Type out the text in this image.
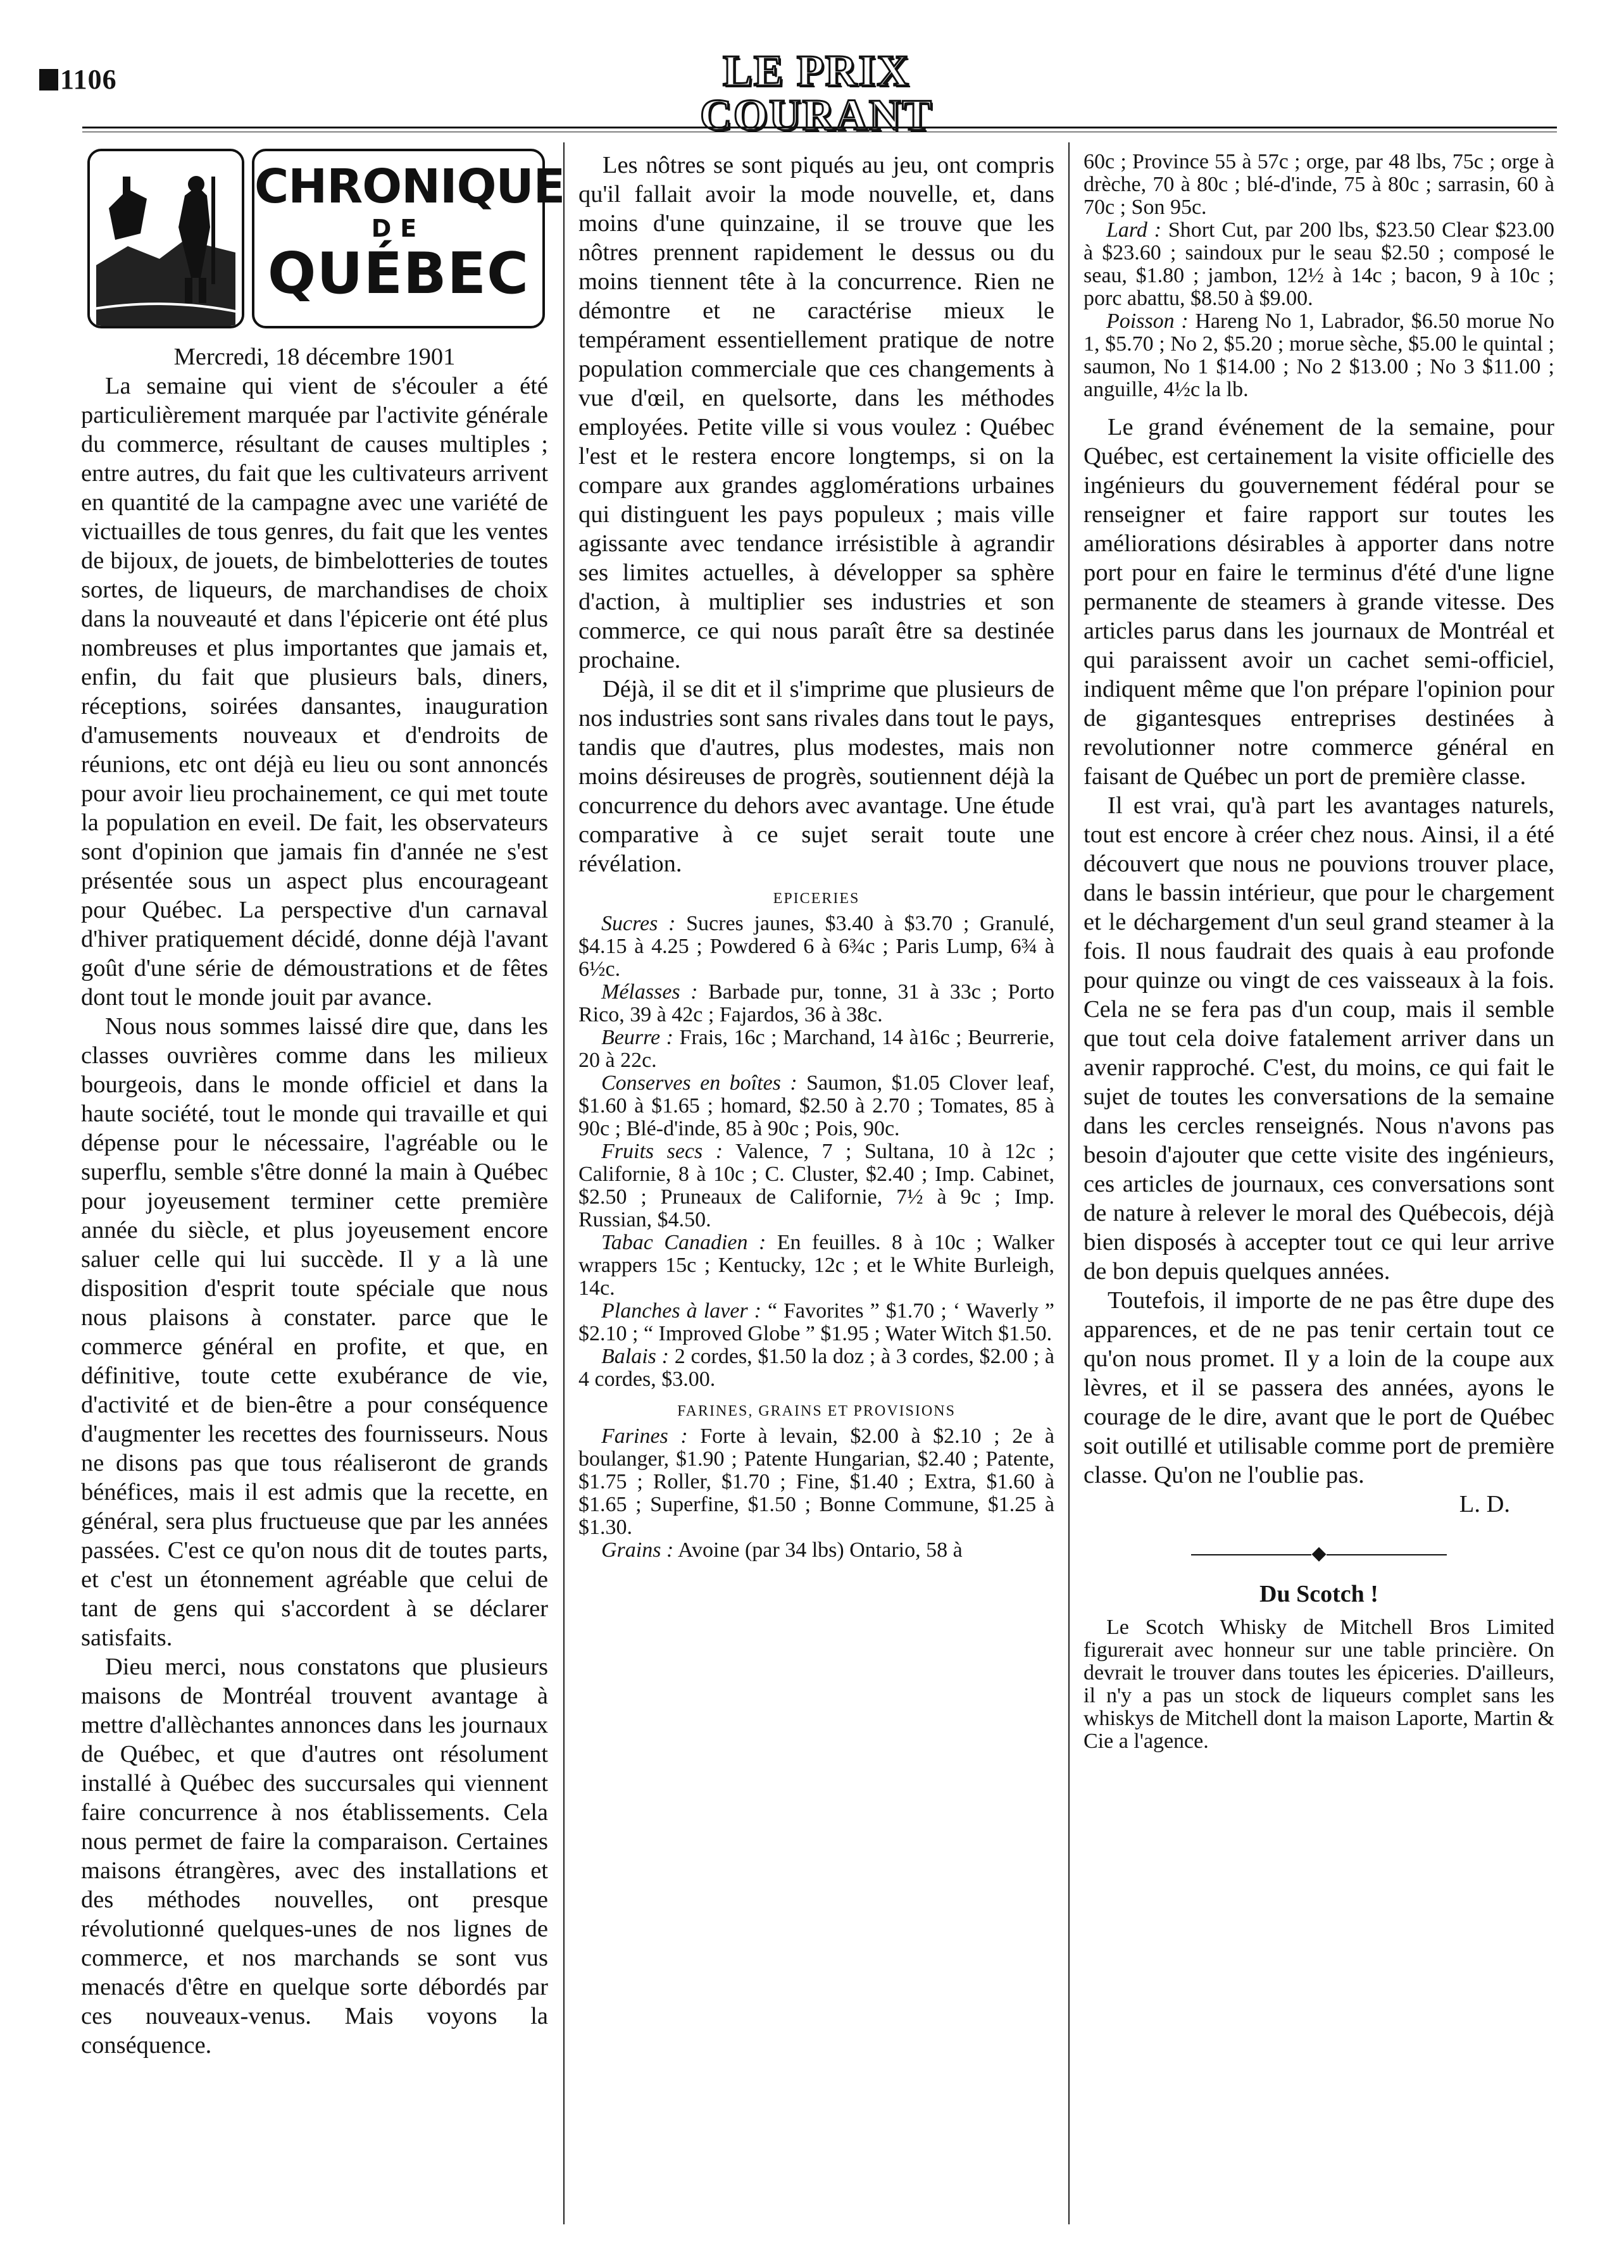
1106	LE PRIX COURANT
CHRONIQUE
DE
QUÉBEC

Mercredi, 18 décembre 1901

La semaine qui vient de s'écouler a été particulièrement marquée par l'activite générale du commerce, résultant de causes multiples ; entre autres, du fait que les cultivateurs arrivent en quantité de la campagne avec une variété de victuailles de tous genres, du fait que les ventes de bijoux, de jouets, de bimbelotteries de toutes sortes, de liqueurs, de marchandises de choix dans la nouveauté et dans l'épicerie ont été plus nombreuses et plus importantes que jamais et, enfin, du fait que plusieurs bals, diners, réceptions, soirées dansantes, inauguration d'amusements nouveaux et d'endroits de réunions, etc ont déjà eu lieu ou sont annoncés pour avoir lieu prochainement, ce qui met toute la population en eveil. De fait, les observateurs sont d'opinion que jamais fin d'année ne s'est présentée sous un aspect plus encourageant pour Québec. La perspective d'un carnaval d'hiver pratiquement décidé, donne déjà l'avant goût d'une série de démoustrations et de fêtes dont tout le monde jouit par avance.

Nous nous sommes laissé dire que, dans les classes ouvrières comme dans les milieux bourgeois, dans le monde officiel et dans la haute société, tout le monde qui travaille et qui dépense pour le nécessaire, l'agréable ou le superflu, semble s'être donné la main à Québec pour joyeusement terminer cette première année du siècle, et plus joyeusement encore saluer celle qui lui succède. Il y a là une disposition d'esprit toute spéciale que nous nous plaisons à constater. parce que le commerce général en profite, et que, en définitive, toute cette exubérance de vie, d'activité et de bien-être a pour conséquence d'augmenter les recettes des fournisseurs. Nous ne disons pas que tous réaliseront de grands bénéfices, mais il est admis que la recette, en général, sera plus fructueuse que par les années passées. C'est ce qu'on nous dit de toutes parts, et c'est un étonnement agréable que celui de tant de gens qui s'accordent à se déclarer satisfaits.

Dieu merci, nous constatons que plusieurs maisons de Montréal trouvent avantage à mettre d'allèchantes annonces dans les journaux de Québec, et que d'autres ont résolument installé à Québec des succursales qui viennent faire concurrence à nos établissements. Cela nous permet de faire la comparaison. Certaines maisons étrangères, avec des installations et des méthodes nouvelles, ont presque révolutionné quelques-unes de nos lignes de commerce, et nos marchands se sont vus menacés d'être en quelque sorte débordés par ces nouveaux-venus. Mais voyons la conséquence.

Les nôtres se sont piqués au jeu, ont compris qu'il fallait avoir la mode nouvelle, et, dans moins d'une quinzaine, il se trouve que les nôtres prennent rapidement le dessus ou du moins tiennent tête à la concurrence. Rien ne démontre et ne caractérise mieux le tempérament essentiellement pratique de notre population commerciale que ces changements à vue d'œil, en quelsorte, dans les méthodes employées. Petite ville si vous voulez : Québec l'est et le restera encore longtemps, si on la compare aux grandes agglomérations urbaines qui distinguent les pays populeux ; mais ville agissante avec tendance irrésistible à agrandir ses limites actuelles, à développer sa sphère d'action, à multiplier ses industries et son commerce, ce qui nous paraît être sa destinée prochaine.

Déjà, il se dit et il s'imprime que plusieurs de nos industries sont sans rivales dans tout le pays, tandis que d'autres, plus modestes, mais non moins désireuses de progrès, soutiennent déjà la concurrence du dehors avec avantage. Une étude comparative à ce sujet serait toute une révélation.

EPICERIES

Sucres : Sucres jaunes, $3.40 à $3.70 ; Granulé, $4.15 à 4.25 ; Powdered 6 à 6¾c ; Paris Lump, 6¾ à 6½c.

Mélasses : Barbade pur, tonne, 31 à 33c ; Porto Rico, 39 à 42c ; Fajardos, 36 à 38c.

Beurre : Frais, 16c ; Marchand, 14 à16c ; Beurrerie, 20 à 22c.

Conserves en boîtes : Saumon, $1.05 Clover leaf, $1.60 à $1.65 ; homard, $2.50 à 2.70 ; Tomates, 85 à 90c ; Blé-d'inde, 85 à 90c ; Pois, 90c.

Fruits secs : Valence, 7 ; Sultana, 10 à 12c ; Californie, 8 à 10c ; C. Cluster, $2.40 ; Imp. Cabinet, $2.50 ; Pruneaux de Californie, 7½ à 9c ; Imp. Russian, $4.50.

Tabac Canadien : En feuilles. 8 à 10c ; Walker wrappers 15c ; Kentucky, 12c ; et le White Burleigh, 14c.

Planches à laver : “ Favorites ” $1.70 ; ‘ Waverly ” $2.10 ; “ Improved Globe ” $1.95 ; Water Witch $1.50.

Balais : 2 cordes, $1.50 la doz ; à 3 cordes, $2.00 ; à 4 cordes, $3.00.

FARINES, GRAINS ET PROVISIONS

Farines : Forte à levain, $2.00 à $2.10 ; 2e à boulanger, $1.90 ; Patente Hungarian, $2.40 ; Patente, $1.75 ; Roller, $1.70 ; Fine, $1.40 ; Extra, $1.60 à $1.65 ; Superfine, $1.50 ; Bonne Commune, $1.25 à $1.30.

Grains : Avoine (par 34 lbs) Ontario, 58 à

60c ; Province 55 à 57c ; orge, par 48 lbs, 75c ; orge à drèche, 70 à 80c ; blé-d'inde, 75 à 80c ; sarrasin, 60 à 70c ; Son 95c.

Lard : Short Cut, par 200 lbs, $23.50 Clear $23.00 à $23.60 ; saindoux pur le seau $2.50 ; composé le seau, $1.80 ; jambon, 12½ à 14c ; bacon, 9 à 10c ; porc abattu, $8.50 à $9.00.

Poisson : Hareng No 1, Labrador, $6.50 morue No 1, $5.70 ; No 2, $5.20 ; morue sèche, $5.00 le quintal ; saumon, No 1 $14.00 ; No 2 $13.00 ; No 3 $11.00 ; anguille, 4½c la lb.

Le grand événement de la semaine, pour Québec, est certainement la visite officielle des ingénieurs du gouvernement fédéral pour se renseigner et faire rapport sur toutes les améliorations désirables à apporter dans notre port pour en faire le terminus d'été d'une ligne permanente de steamers à grande vitesse. Des articles parus dans les journaux de Montréal et qui paraissent avoir un cachet semi-officiel, indiquent même que l'on prépare l'opinion pour de gigantesques entreprises destinées à revolutionner notre commerce général en faisant de Québec un port de première classe.

Il est vrai, qu'à part les avantages naturels, tout est encore à créer chez nous. Ainsi, il a été découvert que nous ne pouvions trouver place, dans le bassin intérieur, que pour le chargement et le déchargement d'un seul grand steamer à la fois. Il nous faudrait des quais à eau profonde pour quinze ou vingt de ces vaisseaux à la fois. Cela ne se fera pas d'un coup, mais il semble que tout cela doive fatalement arriver dans un avenir rapproché. C'est, du moins, ce qui fait le sujet de toutes les conversations de la semaine dans les cercles renseignés. Nous n'avons pas besoin d'ajouter que cette visite des ingénieurs, ces articles de journaux, ces conversations sont de nature à relever le moral des Québecois, déjà bien disposés à accepter tout ce qui leur arrive de bon depuis quelques années.

Toutefois, il importe de ne pas être dupe des apparences, et de ne pas tenir certain tout ce qu'on nous promet. Il y a loin de la coupe aux lèvres, et il se passera des années, ayons le courage de le dire, avant que le port de Québec soit outillé et utilisable comme port de première classe. Qu'on ne l'oublie pas.

L. D.

◆

Du Scotch !

Le Scotch Whisky de Mitchell Bros Limited figurerait avec honneur sur une table princière. On devrait le trouver dans toutes les épiceries. D'ailleurs, il n'y a pas un stock de liqueurs complet sans les whiskys de Mitchell dont la maison Laporte, Martin & Cie a l'agence.
